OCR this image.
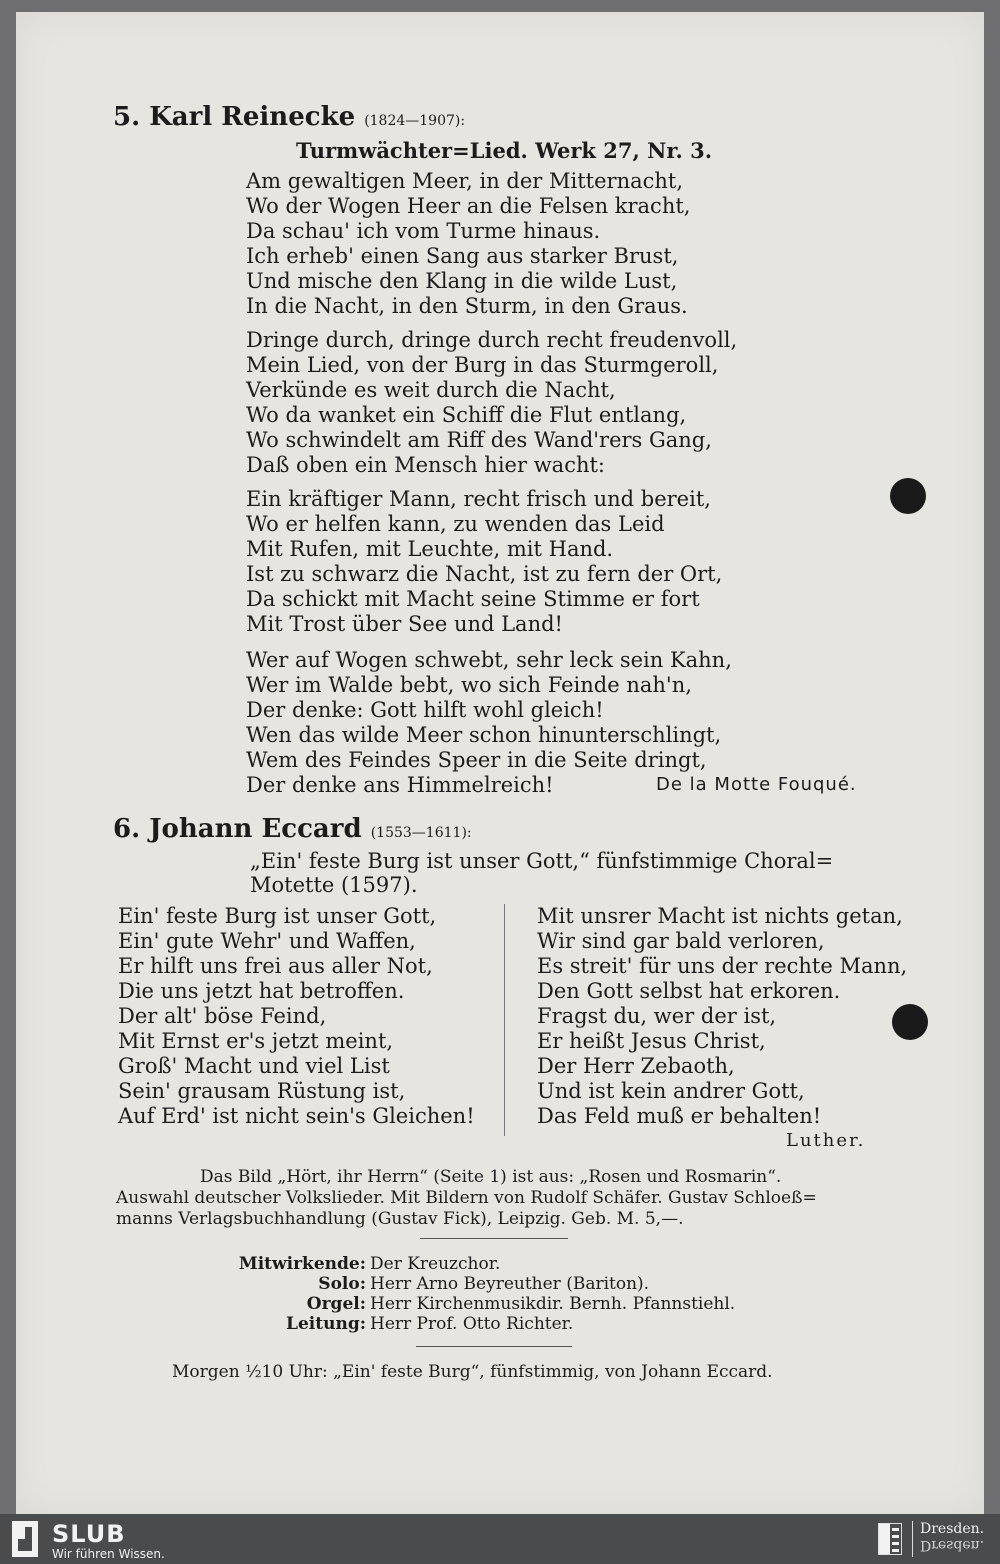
5. Karl Reinecke (1824—1907):
Turmwächter=Lied. Werk 27, Nr. 3.
Am gewaltigen Meer, in der Mitternacht,
Wo der Wogen Heer an die Felsen kracht,
Da schau' ich vom Turme hinaus.
Ich erheb' einen Sang aus starker Brust,
Und mische den Klang in die wilde Lust,
In die Nacht, in den Sturm, in den Graus.
Dringe durch, dringe durch recht freudenvoll,
Mein Lied, von der Burg in das Sturmgeroll,
Verkünde es weit durch die Nacht,
Wo da wanket ein Schiff die Flut entlang,
Wo schwindelt am Riff des Wand'rers Gang,
Daß oben ein Mensch hier wacht:
Ein kräftiger Mann, recht frisch und bereit,
Wo er helfen kann, zu wenden das Leid
Mit Rufen, mit Leuchte, mit Hand.
Ist zu schwarz die Nacht, ist zu fern der Ort,
Da schickt mit Macht seine Stimme er fort
Mit Trost über See und Land!
Wer auf Wogen schwebt, sehr leck sein Kahn,
Wer im Walde bebt, wo sich Feinde nah'n,
Der denke: Gott hilft wohl gleich!
Wen das wilde Meer schon hinunterschlingt,
Wem des Feindes Speer in die Seite dringt,
Der denke ans Himmelreich!	De la Motte Fouqué.
6. Johann Eccard (1553—1611):
„Ein' feste Burg ist unser Gott,“ fünfstimmige Choral=
Motette (1597).
Ein' feste Burg ist unser Gott,
Ein' gute Wehr' und Waffen,
Er hilft uns frei aus aller Not,
Die uns jetzt hat betroffen.
Der alt' böse Feind,
Mit Ernst er's jetzt meint,
Groß' Macht und viel List
Sein' grausam Rüstung ist,
Auf Erd' ist nicht sein's Gleichen!
Mit unsrer Macht ist nichts getan,
Wir sind gar bald verloren,
Es streit' für uns der rechte Mann,
Den Gott selbst hat erkoren.
Fragst du, wer der ist,
Er heißt Jesus Christ,
Der Herr Zebaoth,
Und ist kein andrer Gott,
Das Feld muß er behalten!
Luther.
Das Bild „Hört, ihr Herrn“ (Seite 1) ist aus: „Rosen und Rosmarin“.
Auswahl deutscher Volkslieder. Mit Bildern von Rudolf Schäfer. Gustav Schloeß=
manns Verlagsbuchhandlung (Gustav Fick), Leipzig. Geb. M. 5,—.
Mitwirkende: Der Kreuzchor.
Solo: Herr Arno Beyreuther (Bariton).
Orgel: Herr Kirchenmusikdir. Bernh. Pfannstiehl.
Leitung: Herr Prof. Otto Richter.
Morgen ½10 Uhr: „Ein' feste Burg“, fünfstimmig, von Johann Eccard.
SLUB
Wir führen Wissen.
Dresden.
Dresden.
